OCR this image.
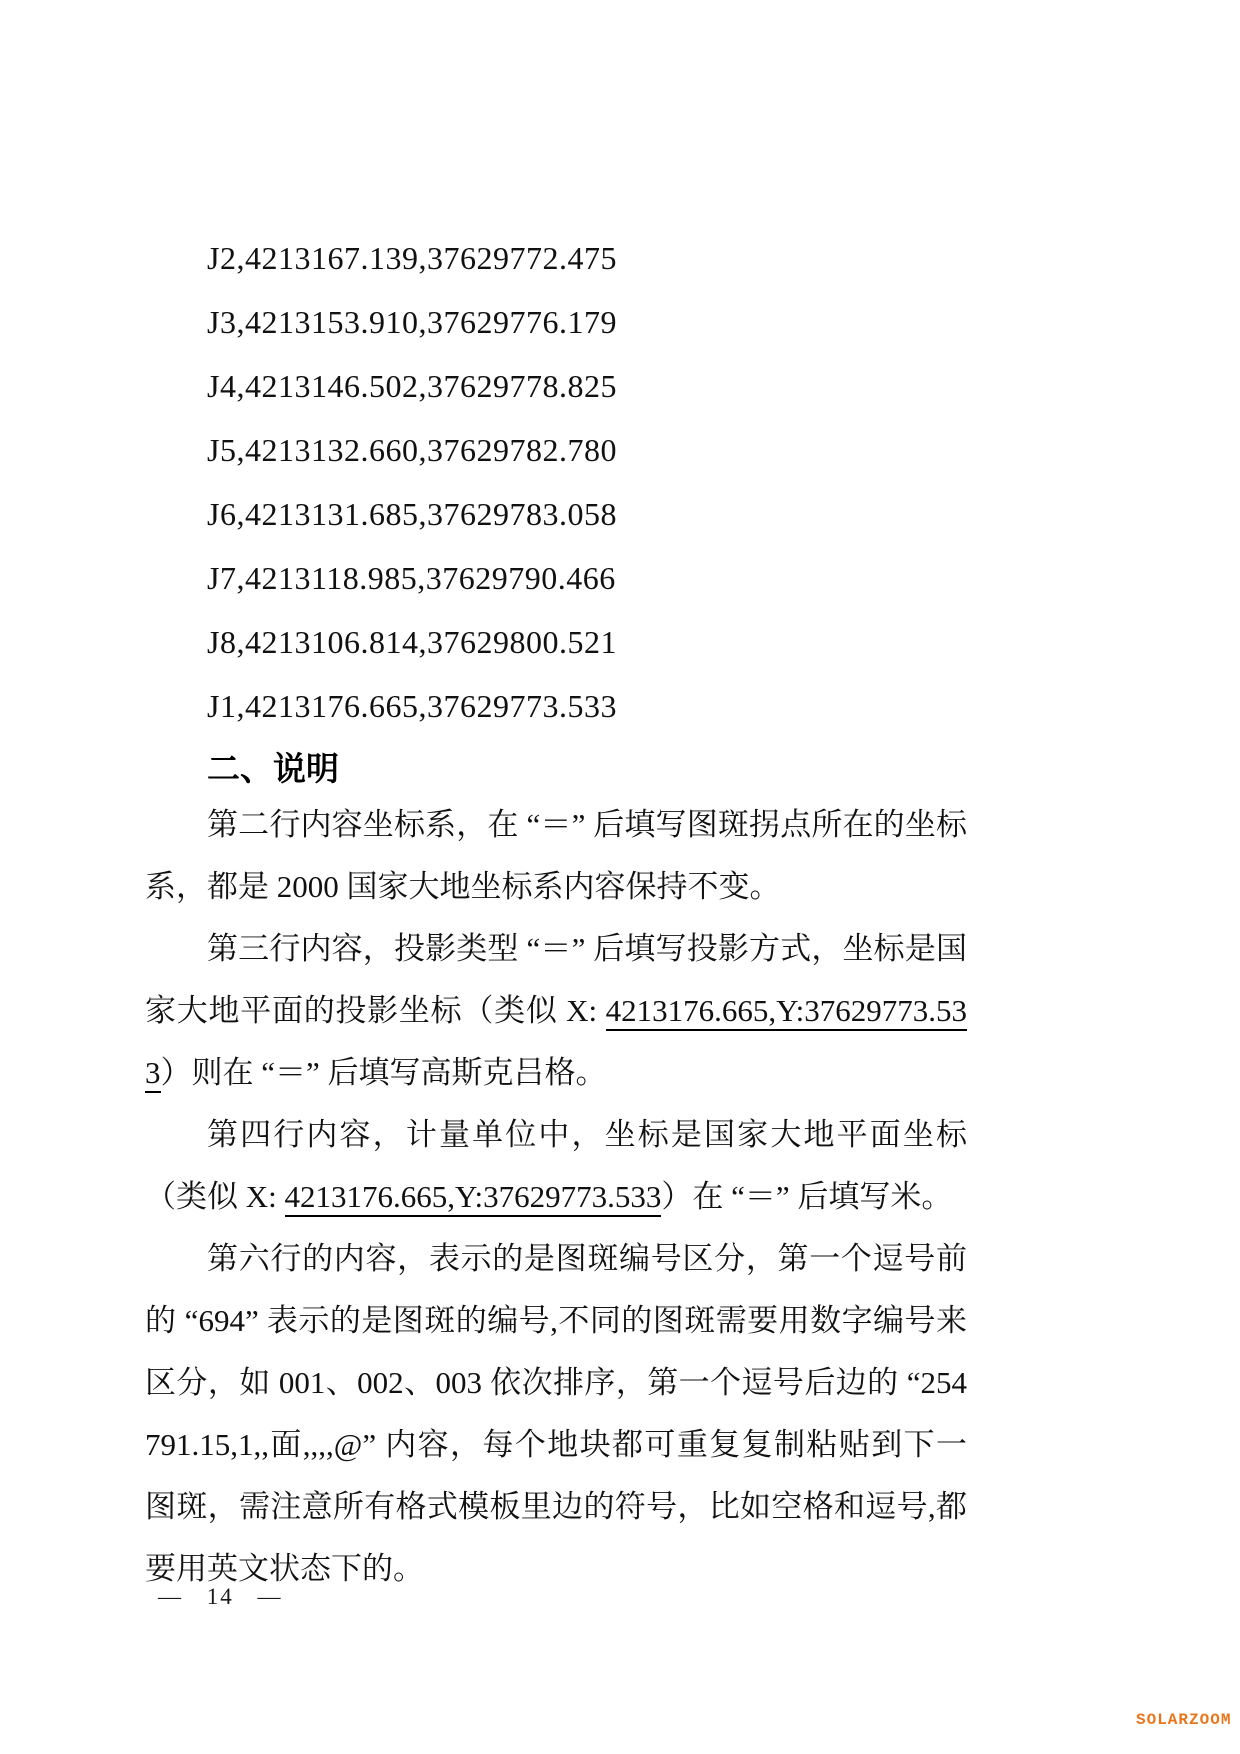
J2,4213167.139,37629772.475
J3,4213153.910,37629776.179
J4,4213146.502,37629778.825
J5,4213132.660,37629782.780
J6,4213131.685,37629783.058
J7,4213118.985,37629790.466
J8,4213106.814,37629800.521
J1,4213176.665,37629773.533
二、说明

第二行内容坐标系，在 “＝” 后填写图斑拐点所在的坐标系，都是 2000 国家大地坐标系内容保持不变。

第三行内容，投影类型 “＝” 后填写投影方式，坐标是国家大地平面的投影坐标（类似 X: 4213176.665,Y:37629773.533）则在 “＝” 后填写高斯克吕格。

第四行内容，计量单位中，坐标是国家大地平面坐标（类似 X: 4213176.665,Y:37629773.533）在 “＝” 后填写米。

第六行的内容，表示的是图斑编号区分，第一个逗号前的 “694” 表示的是图斑的编号,不同的图斑需要用数字编号来区分，如 001、002、003 依次排序，第一个逗号后边的 “254791.15,1,,面,,,,@” 内容，每个地块都可重复复制粘贴到下一图斑，需注意所有格式模板里边的符号，比如空格和逗号,都要用英文状态下的。

— 14 —
SOLARZOOM
